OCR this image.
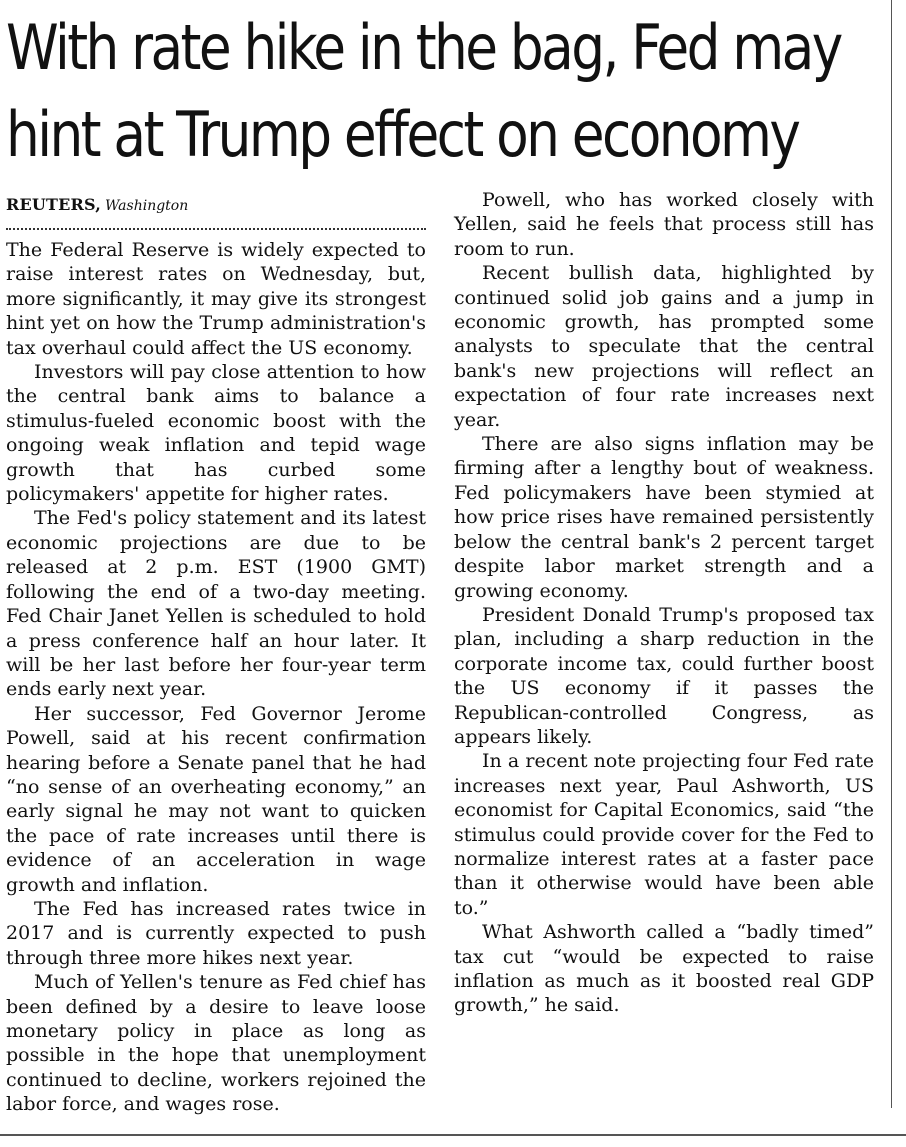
With rate hike in the bag, Fed may
hint at Trump effect on economy
REUTERS, Washington

The Federal Reserve is widely expected to raise interest rates on Wednesday, but, more significantly, it may give its strongest hint yet on how the Trump administration's tax overhaul could affect the US economy.

Investors will pay close attention to how the central bank aims to balance a stimulus-fueled economic boost with the ongoing weak inflation and tepid wage growth that has curbed some policymakers' appetite for higher rates.

The Fed's policy statement and its latest economic projections are due to be released at 2 p.m. EST (1900 GMT) following the end of a two-day meeting. Fed Chair Janet Yellen is scheduled to hold a press conference half an hour later. It will be her last before her four-year term ends early next year.

Her successor, Fed Governor Jerome Powell, said at his recent confirmation hearing before a Senate panel that he had “no sense of an overheating economy,” an early signal he may not want to quicken the pace of rate increases until there is evidence of an acceleration in wage growth and inflation.

The Fed has increased rates twice in 2017 and is currently expected to push through three more hikes next year.

Much of Yellen's tenure as Fed chief has been defined by a desire to leave loose monetary policy in place as long as possible in the hope that unemployment continued to decline, workers rejoined the labor force, and wages rose.

Powell, who has worked closely with Yellen, said he feels that process still has room to run.

Recent bullish data, highlighted by continued solid job gains and a jump in economic growth, has prompted some analysts to speculate that the central bank's new projections will reflect an expectation of four rate increases next year.

There are also signs inflation may be firming after a lengthy bout of weakness. Fed policymakers have been stymied at how price rises have remained persistently below the central bank's 2 percent target despite labor market strength and a growing economy.

President Donald Trump's proposed tax plan, including a sharp reduction in the corporate income tax, could further boost the US economy if it passes the Republican-controlled Congress, as appears likely.

In a recent note projecting four Fed rate increases next year, Paul Ashworth, US economist for Capital Economics, said “the stimulus could provide cover for the Fed to normalize interest rates at a faster pace than it otherwise would have been able to.”

What Ashworth called a “badly timed” tax cut “would be expected to raise inflation as much as it boosted real GDP growth,” he said.
